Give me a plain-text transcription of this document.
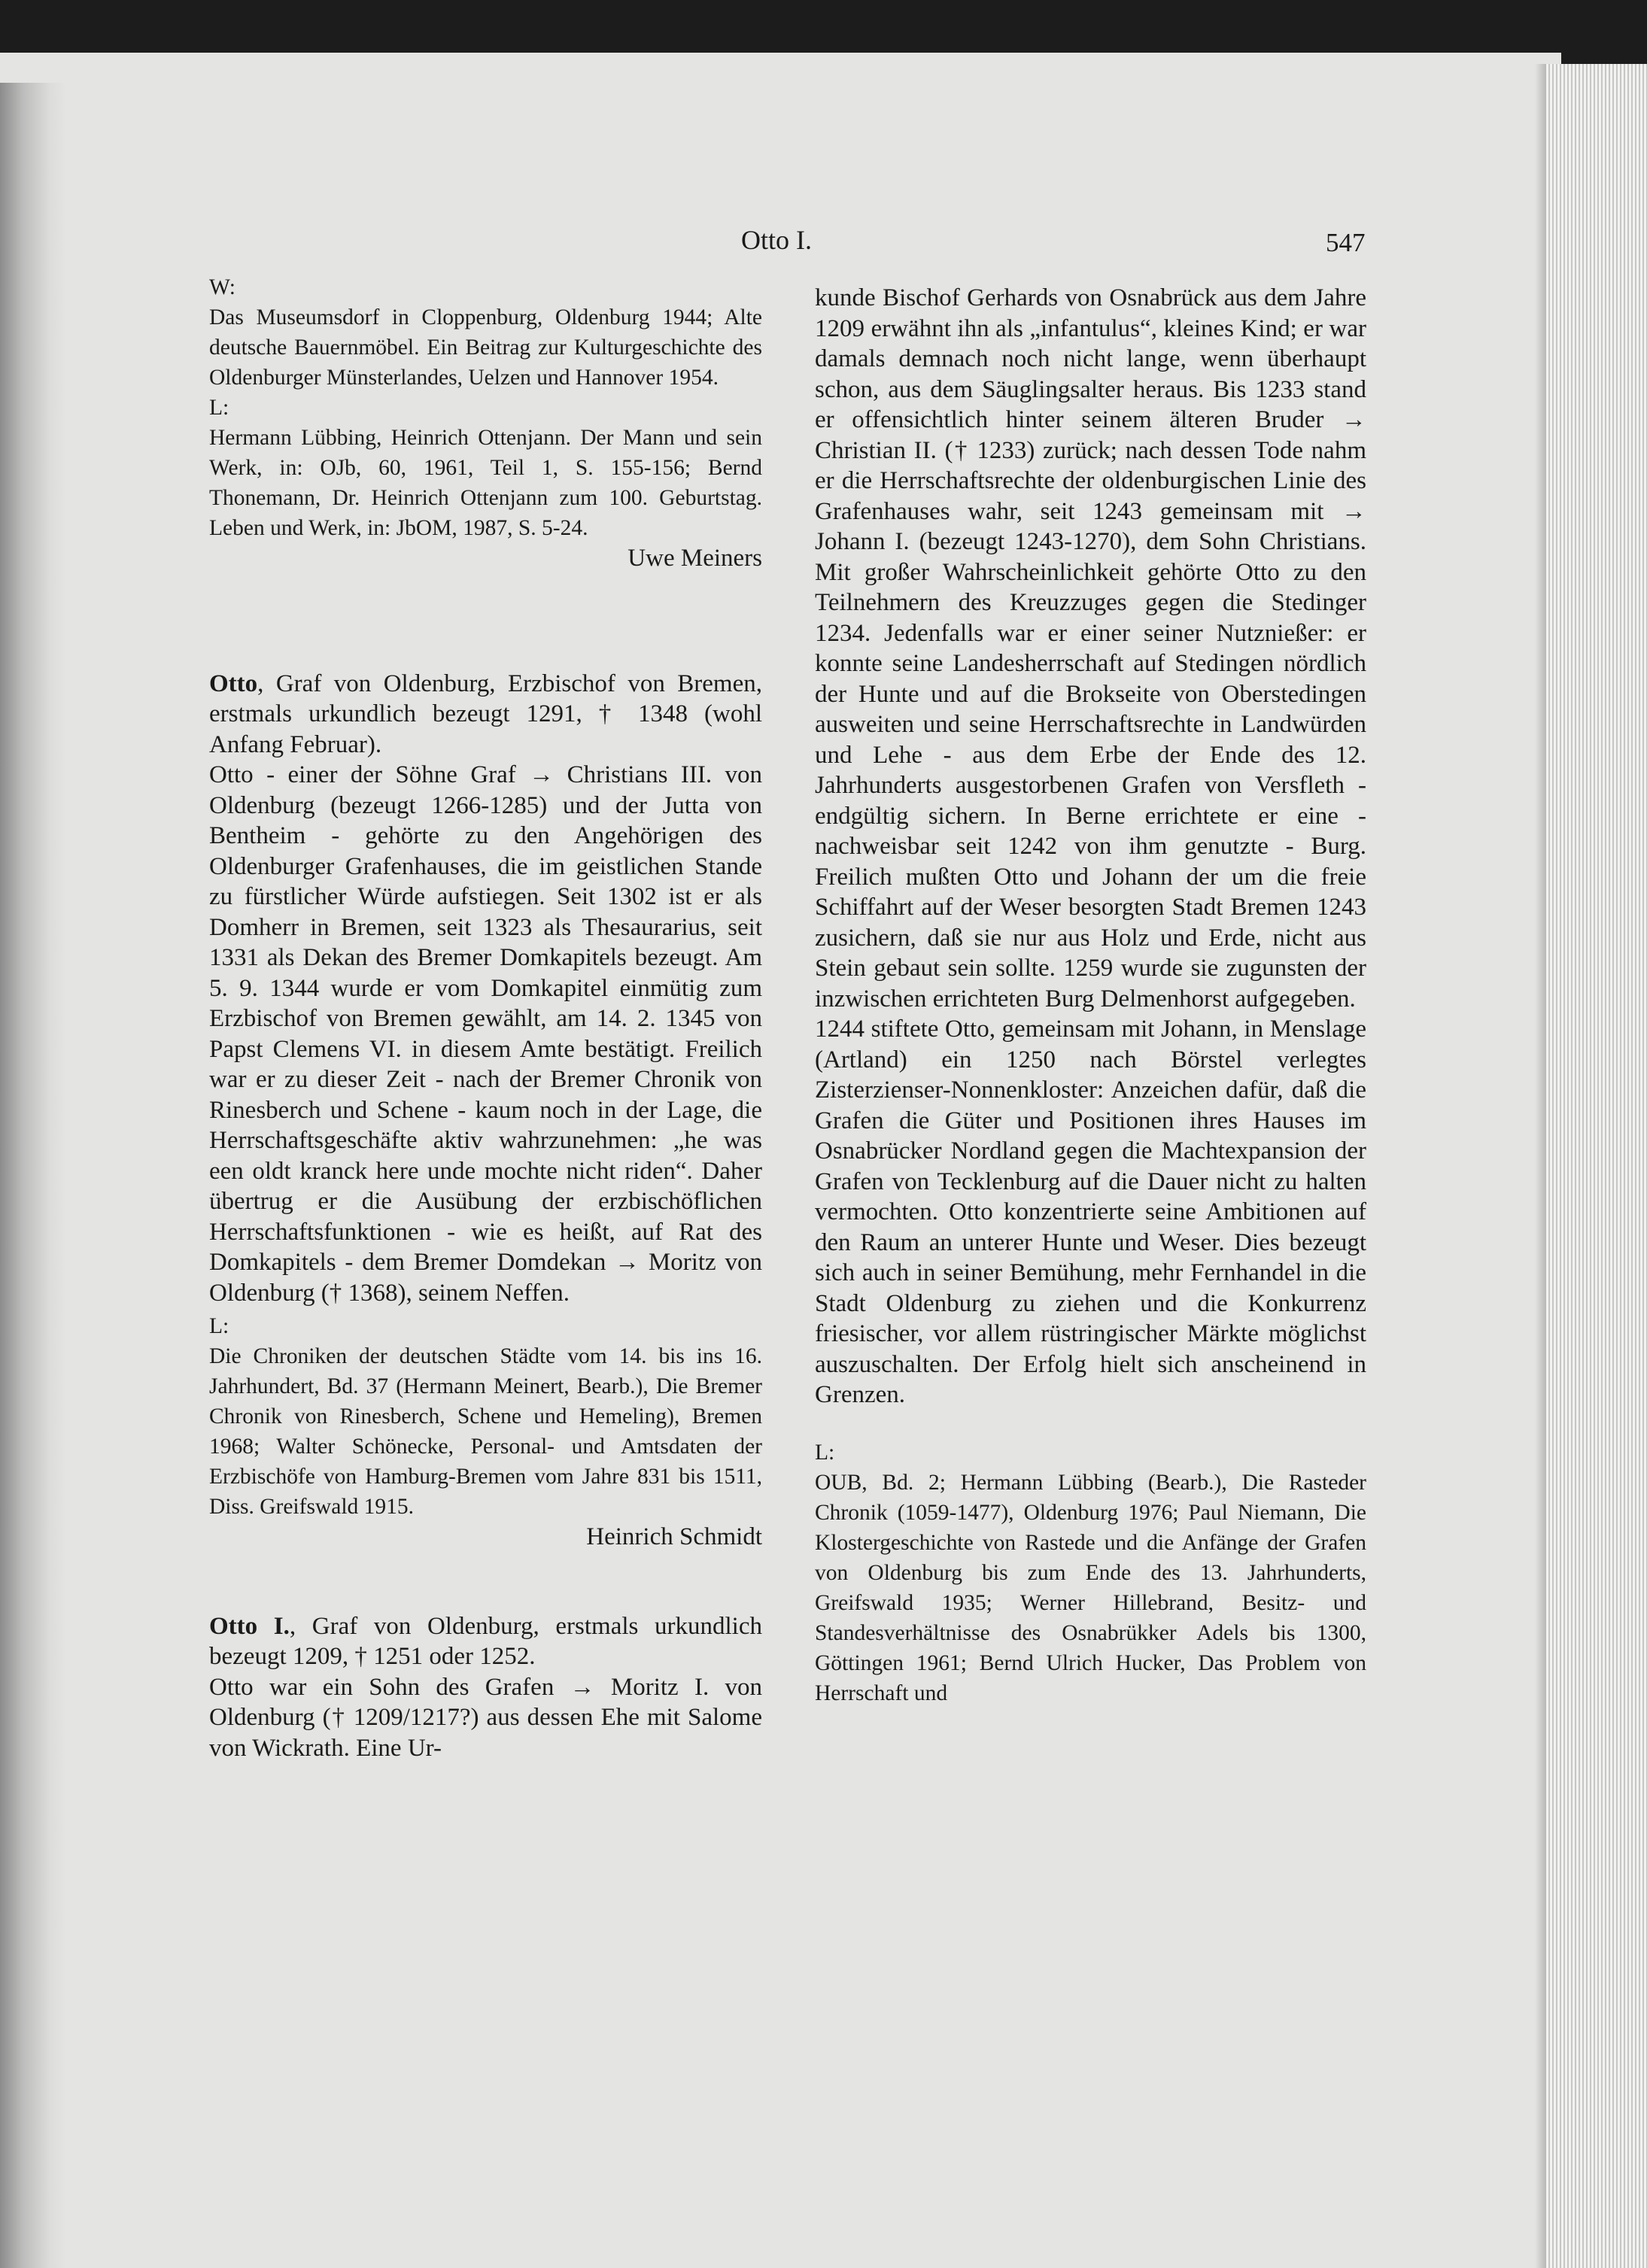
Otto I.	547

W:

Das Museumsdorf in Cloppenburg, Oldenburg 1944; Alte deutsche Bauernmöbel. Ein Beitrag zur Kulturgeschichte des Oldenburger Münsterlandes, Uelzen und Hannover 1954.

L:

Hermann Lübbing, Heinrich Ottenjann. Der Mann und sein Werk, in: OJb, 60, 1961, Teil 1, S. 155-156; Bernd Thonemann, Dr. Heinrich Ottenjann zum 100. Geburtstag. Leben und Werk, in: JbOM, 1987, S. 5-24.

Uwe Meiners

Otto, Graf von Oldenburg, Erzbischof von Bremen, erstmals urkundlich bezeugt 1291, † 1348 (wohl Anfang Februar).

Otto - einer der Söhne Graf → Christians III. von Oldenburg (bezeugt 1266-1285) und der Jutta von Bentheim - gehörte zu den Angehörigen des Oldenburger Grafenhauses, die im geistlichen Stande zu fürstlicher Würde aufstiegen. Seit 1302 ist er als Domherr in Bremen, seit 1323 als Thesaurarius, seit 1331 als Dekan des Bremer Domkapitels bezeugt. Am 5. 9. 1344 wurde er vom Domkapitel einmütig zum Erzbischof von Bremen gewählt, am 14. 2. 1345 von Papst Clemens VI. in diesem Amte bestätigt. Freilich war er zu dieser Zeit - nach der Bremer Chronik von Rinesberch und Schene - kaum noch in der Lage, die Herrschaftsgeschäfte aktiv wahrzunehmen: „he was een oldt kranck here unde mochte nicht riden“. Daher übertrug er die Ausübung der erzbischöflichen Herrschaftsfunktionen - wie es heißt, auf Rat des Domkapitels - dem Bremer Domdekan → Moritz von Oldenburg († 1368), seinem Neffen.

L:

Die Chroniken der deutschen Städte vom 14. bis ins 16. Jahrhundert, Bd. 37 (Hermann Meinert, Bearb.), Die Bremer Chronik von Rinesberch, Schene und Hemeling), Bremen 1968; Walter Schönecke, Personal- und Amtsdaten der Erzbischöfe von Hamburg-Bremen vom Jahre 831 bis 1511, Diss. Greifswald 1915.

Heinrich Schmidt

Otto I., Graf von Oldenburg, erstmals urkundlich bezeugt 1209, † 1251 oder 1252.

Otto war ein Sohn des Grafen → Moritz I. von Oldenburg († 1209/1217?) aus dessen Ehe mit Salome von Wickrath. Eine Ur-

kunde Bischof Gerhards von Osnabrück aus dem Jahre 1209 erwähnt ihn als „infantulus“, kleines Kind; er war damals demnach noch nicht lange, wenn überhaupt schon, aus dem Säuglingsalter heraus. Bis 1233 stand er offensichtlich hinter seinem älteren Bruder → Christian II. († 1233) zurück; nach dessen Tode nahm er die Herrschaftsrechte der oldenburgischen Linie des Grafenhauses wahr, seit 1243 gemeinsam mit → Johann I. (bezeugt 1243-1270), dem Sohn Christians. Mit großer Wahrscheinlichkeit gehörte Otto zu den Teilnehmern des Kreuzzuges gegen die Stedinger 1234. Jedenfalls war er einer seiner Nutznießer: er konnte seine Landesherrschaft auf Stedingen nördlich der Hunte und auf die Brokseite von Oberstedingen ausweiten und seine Herrschaftsrechte in Landwürden und Lehe - aus dem Erbe der Ende des 12. Jahrhunderts ausgestorbenen Grafen von Versfleth - endgültig sichern. In Berne errichtete er eine - nachweisbar seit 1242 von ihm genutzte - Burg. Freilich mußten Otto und Johann der um die freie Schiffahrt auf der Weser besorgten Stadt Bremen 1243 zusichern, daß sie nur aus Holz und Erde, nicht aus Stein gebaut sein sollte. 1259 wurde sie zugunsten der inzwischen errichteten Burg Delmenhorst aufgegeben.

1244 stiftete Otto, gemeinsam mit Johann, in Menslage (Artland) ein 1250 nach Börstel verlegtes Zisterzienser-Nonnenkloster: Anzeichen dafür, daß die Grafen die Güter und Positionen ihres Hauses im Osnabrücker Nordland gegen die Machtexpansion der Grafen von Tecklenburg auf die Dauer nicht zu halten vermochten. Otto konzentrierte seine Ambitionen auf den Raum an unterer Hunte und Weser. Dies bezeugt sich auch in seiner Bemühung, mehr Fernhandel in die Stadt Oldenburg zu ziehen und die Konkurrenz friesischer, vor allem rüstringischer Märkte möglichst auszuschalten. Der Erfolg hielt sich anscheinend in Grenzen.

L:

OUB, Bd. 2; Hermann Lübbing (Bearb.), Die Rasteder Chronik (1059-1477), Oldenburg 1976; Paul Niemann, Die Klostergeschichte von Rastede und die Anfänge der Grafen von Oldenburg bis zum Ende des 13. Jahrhunderts, Greifswald 1935; Werner Hillebrand, Besitz- und Standesverhältnisse des Osnabrükker Adels bis 1300, Göttingen 1961; Bernd Ulrich Hucker, Das Problem von Herrschaft und
